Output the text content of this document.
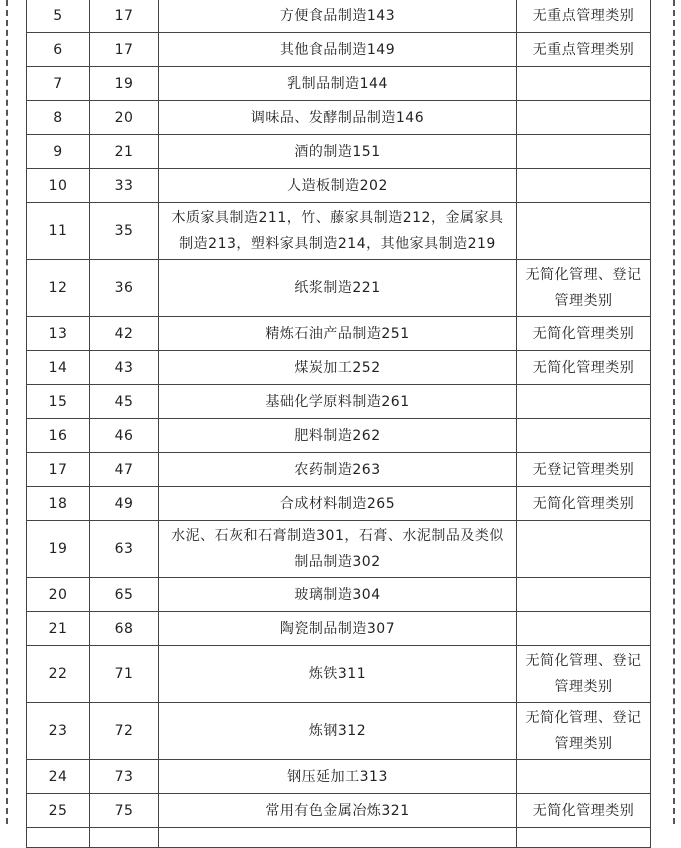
5	17	方便食品制造143	无重点管理类别
6	17	其他食品制造149	无重点管理类别
7	19	乳制品制造144	
8	20	调味品、发酵制品制造146	
9	21	酒的制造151	
10	33	人造板制造202	
11	35	木质家具制造211，竹、藤家具制造212，金属家具制造213，塑料家具制造214，其他家具制造219	
12	36	纸浆制造221	无简化管理、登记管理类别
13	42	精炼石油产品制造251	无简化管理类别
14	43	煤炭加工252	无简化管理类别
15	45	基础化学原料制造261	
16	46	肥料制造262	
17	47	农药制造263	无登记管理类别
18	49	合成材料制造265	无简化管理类别
19	63	水泥、石灰和石膏制造301，石膏、水泥制品及类似制品制造302	
20	65	玻璃制造304	
21	68	陶瓷制品制造307	
22	71	炼铁311	无简化管理、登记管理类别
23	72	炼钢312	无简化管理、登记管理类别
24	73	钢压延加工313	
25	75	常用有色金属冶炼321	无简化管理类别
